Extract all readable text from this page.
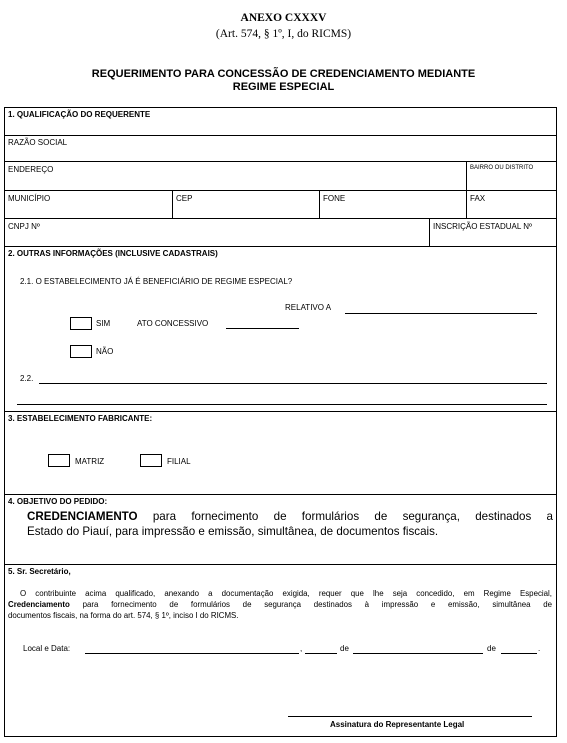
ANEXO CXXXV
(Art. 574, § 1º, I, do RICMS)
REQUERIMENTO PARA CONCESSÃO DE CREDENCIAMENTO MEDIANTE
REGIME ESPECIAL
1. QUALIFICAÇÃO DO REQUERENTE
RAZÃO SOCIAL
ENDEREÇO	BAIRRO OU DISTRITO
MUNICÍPIO	CEP	FONE	FAX
CNPJ Nº	INSCRIÇÃO ESTADUAL Nº
2. OUTRAS INFORMAÇÕES (INCLUSIVE CADASTRAIS)
2.1. O ESTABELECIMENTO JÁ É BENEFICIÁRIO DE REGIME ESPECIAL?
RELATIVO A
SIM	ATO CONCESSIVO
NÃO
2.2.
3. ESTABELECIMENTO FABRICANTE:
MATRIZ	FILIAL
4. OBJETIVO DO PEDIDO:
CREDENCIAMENTO para fornecimento de formulários de segurança, destinados a
Estado do Piauí, para impressão e emissão, simultânea, de documentos fiscais.
5. Sr. Secretário,
O contribuinte acima qualificado, anexando a documentação exigida, requer que lhe seja concedido, em Regime Especial,
Credenciamento para fornecimento de formulários de segurança destinados à impressão e emissão, simultânea de
documentos fiscais, na forma do art. 574, § 1º, inciso I do RICMS.
Local e Data:	,	de	de	.
Assinatura do Representante Legal
